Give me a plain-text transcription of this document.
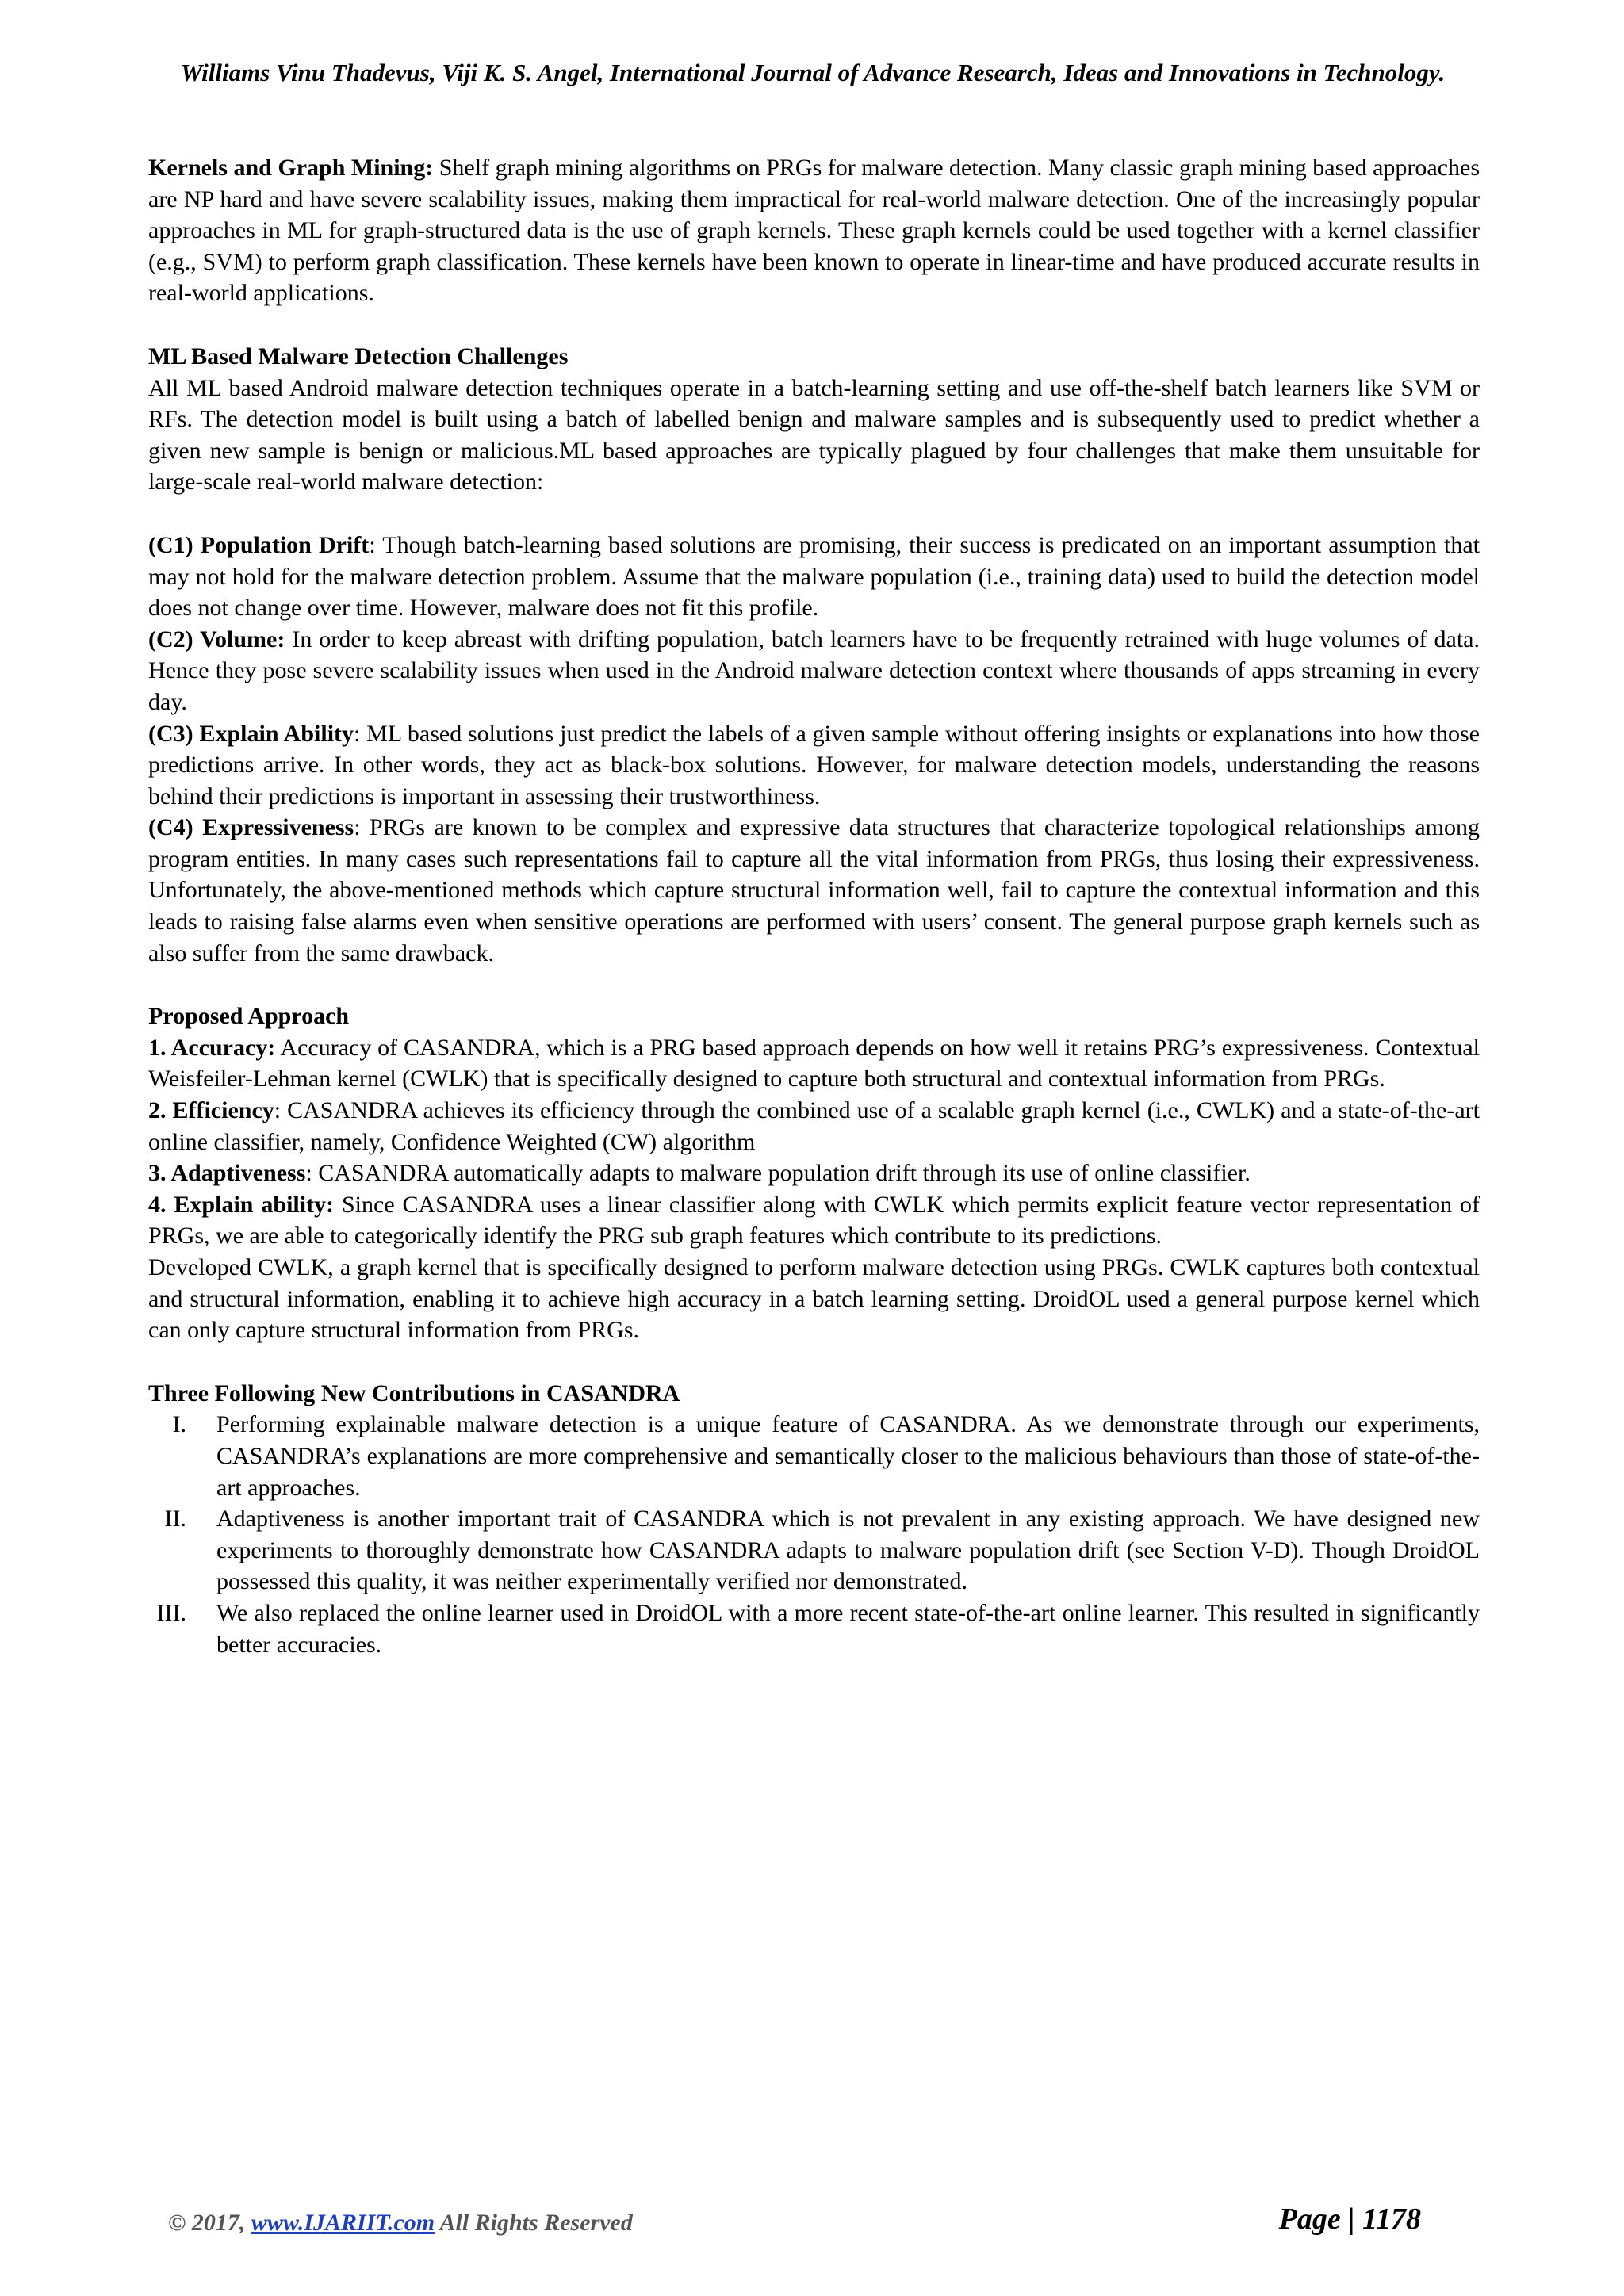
Williams Vinu Thadevus, Viji K. S. Angel, International Journal of Advance Research, Ideas and Innovations in Technology.

Kernels and Graph Mining: Shelf graph mining algorithms on PRGs for malware detection. Many classic graph mining based approaches are NP hard and have severe scalability issues, making them impractical for real-world malware detection. One of the increasingly popular approaches in ML for graph-structured data is the use of graph kernels. These graph kernels could be used together with a kernel classifier (e.g., SVM) to perform graph classification. These kernels have been known to operate in linear-time and have produced accurate results in real-world applications.

ML Based Malware Detection Challenges

All ML based Android malware detection techniques operate in a batch-learning setting and use off-the-shelf batch learners like SVM or RFs. The detection model is built using a batch of labelled benign and malware samples and is subsequently used to predict whether a given new sample is benign or malicious.ML based approaches are typically plagued by four challenges that make them unsuitable for large-scale real-world malware detection:

(C1) Population Drift: Though batch-learning based solutions are promising, their success is predicated on an important assumption that may not hold for the malware detection problem. Assume that the malware population (i.e., training data) used to build the detection model does not change over time. However, malware does not fit this profile.

(C2) Volume: In order to keep abreast with drifting population, batch learners have to be frequently retrained with huge volumes of data. Hence they pose severe scalability issues when used in the Android malware detection context where thousands of apps streaming in every day.

(C3) Explain Ability: ML based solutions just predict the labels of a given sample without offering insights or explanations into how those predictions arrive. In other words, they act as black-box solutions. However, for malware detection models, understanding the reasons behind their predictions is important in assessing their trustworthiness.

(C4) Expressiveness: PRGs are known to be complex and expressive data structures that characterize topological relationships among program entities. In many cases such representations fail to capture all the vital information from PRGs, thus losing their expressiveness. Unfortunately, the above-mentioned methods which capture structural information well, fail to capture the contextual information and this leads to raising false alarms even when sensitive operations are performed with users’ consent. The general purpose graph kernels such as also suffer from the same drawback.

Proposed Approach

1. Accuracy: Accuracy of CASANDRA, which is a PRG based approach depends on how well it retains PRG’s expressiveness. Contextual Weisfeiler-Lehman kernel (CWLK) that is specifically designed to capture both structural and contextual information from PRGs.

2. Efficiency: CASANDRA achieves its efficiency through the combined use of a scalable graph kernel (i.e., CWLK) and a state-of-the-art online classifier, namely, Confidence Weighted (CW) algorithm

3. Adaptiveness: CASANDRA automatically adapts to malware population drift through its use of online classifier.

4. Explain ability: Since CASANDRA uses a linear classifier along with CWLK which permits explicit feature vector representation of PRGs, we are able to categorically identify the PRG sub graph features which contribute to its predictions.

Developed CWLK, a graph kernel that is specifically designed to perform malware detection using PRGs. CWLK captures both contextual and structural information, enabling it to achieve high accuracy in a batch learning setting. DroidOL used a general purpose kernel which can only capture structural information from PRGs.

Three Following New Contributions in CASANDRA

I.	Performing explainable malware detection is a unique feature of CASANDRA. As we demonstrate through our experiments, CASANDRA’s explanations are more comprehensive and semantically closer to the malicious behaviours than those of state-of-the-art approaches.
II.	Adaptiveness is another important trait of CASANDRA which is not prevalent in any existing approach. We have designed new experiments to thoroughly demonstrate how CASANDRA adapts to malware population drift (see Section V-D). Though DroidOL possessed this quality, it was neither experimentally verified nor demonstrated.
III.	We also replaced the online learner used in DroidOL with a more recent state-of-the-art online learner. This resulted in significantly better accuracies.
© 2017, www.IJARIIT.com All Rights Reserved	Page | 1178
